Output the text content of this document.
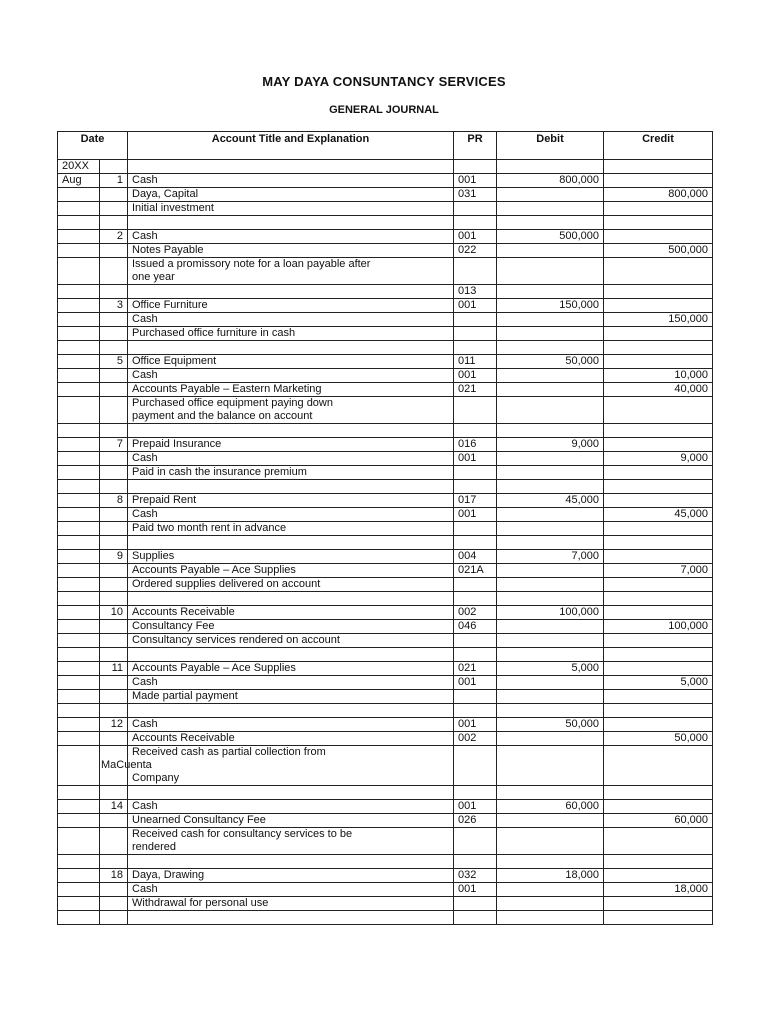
MAY DAYA CONSUNTANCY SERVICES
GENERAL JOURNAL
Date		Account Title and Explanation	PR	Debit	Credit
20XX					
Aug	1	Cash	001	800,000	
		Daya, Capital	031		800,000
		Initial investment			

	2	Cash	001	500,000	
		Notes Payable	022		500,000

		Issued a promissory note for a loan payable after
one year			

			013		
	3	Office Furniture	001	150,000	
		Cash			150,000
		Purchased office furniture in cash			

	5	Office Equipment	011	50,000	
		Cash	001		10,000
		Accounts Payable – Eastern Marketing	021		40,000

		Purchased office equipment paying down
payment and the balance on account			

	7	Prepaid Insurance	016	9,000	
		Cash	001		9,000
		Paid in cash the insurance premium			

	8	Prepaid Rent	017	45,000	
		Cash	001		45,000
		Paid two month rent in advance			

	9	Supplies	004	7,000	
		Accounts Payable – Ace Supplies	021A		7,000
		Ordered supplies delivered on account			

	10	Accounts Receivable	002	100,000	
		Consultancy Fee	046		100,000
		Consultancy services rendered on account			

	11	Accounts Payable – Ace Supplies	021	5,000	
		Cash	001		5,000
		Made partial payment			

	12	Cash	001	50,000	
		Accounts Receivable	002		50,000

		Received cash as partial collection from
MaCuenta
Company			

	14	Cash	001	60,000	
		Unearned Consultancy Fee	026		60,000

		Received cash for consultancy services to be
rendered			

	18	Daya, Drawing	032	18,000	
		Cash	001		18,000
		Withdrawal for personal use			
